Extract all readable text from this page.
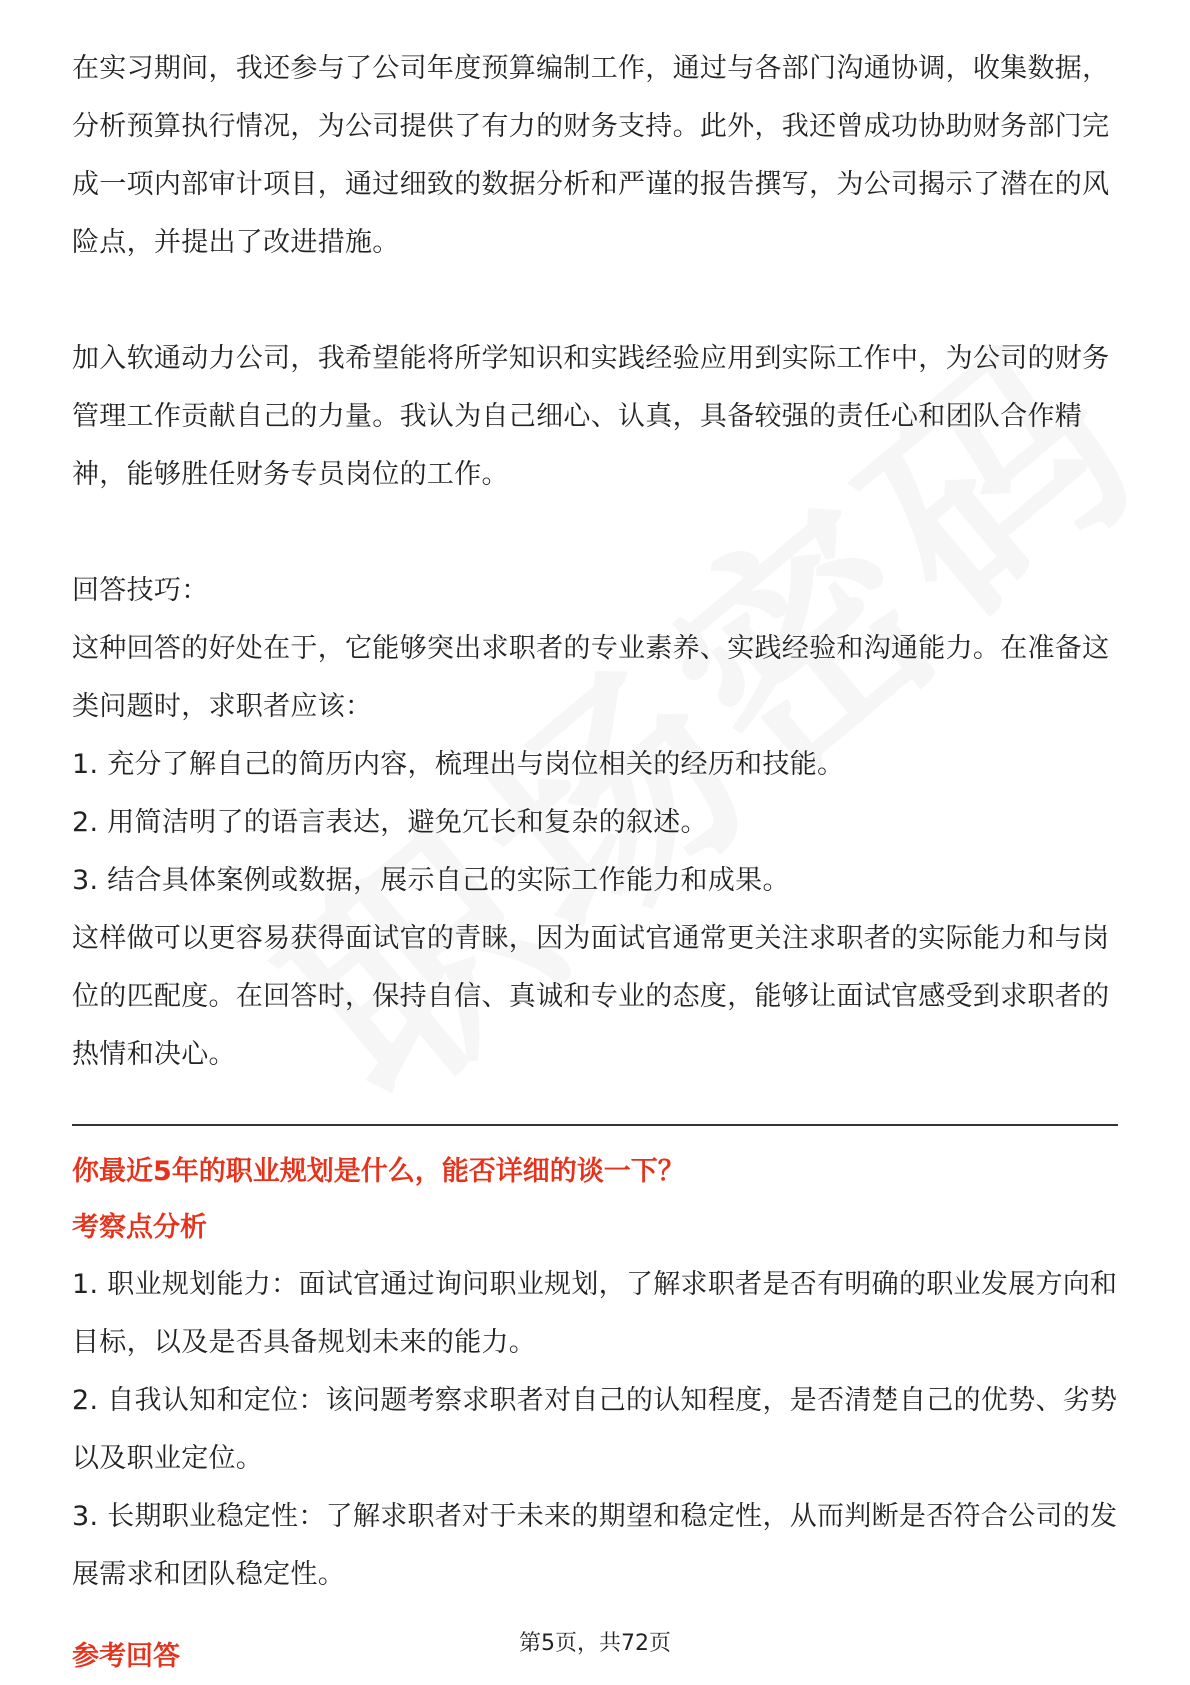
在实习期间，我还参与了公司年度预算编制工作，通过与各部门沟通协调，收集数据，分析预算执行情况，为公司提供了有力的财务支持。此外，我还曾成功协助财务部门完成一项内部审计项目，通过细致的数据分析和严谨的报告撰写，为公司揭示了潜在的风险点，并提出了改进措施。

加入软通动力公司，我希望能将所学知识和实践经验应用到实际工作中，为公司的财务管理工作贡献自己的力量。我认为自己细心、认真，具备较强的责任心和团队合作精神，能够胜任财务专员岗位的工作。

回答技巧：

这种回答的好处在于，它能够突出求职者的专业素养、实践经验和沟通能力。在准备这类问题时，求职者应该：

1. 充分了解自己的简历内容，梳理出与岗位相关的经历和技能。

2. 用简洁明了的语言表达，避免冗长和复杂的叙述。

3. 结合具体案例或数据，展示自己的实际工作能力和成果。

这样做可以更容易获得面试官的青睐，因为面试官通常更关注求职者的实际能力和与岗位的匹配度。在回答时，保持自信、真诚和专业的态度，能够让面试官感受到求职者的热情和决心。

你最近5年的职业规划是什么，能否详细的谈一下？

考察点分析

1. 职业规划能力：面试官通过询问职业规划，了解求职者是否有明确的职业发展方向和目标，以及是否具备规划未来的能力。

2. 自我认知和定位：该问题考察求职者对自己的认知程度，是否清楚自己的优势、劣势以及职业定位。

3. 长期职业稳定性：了解求职者对于未来的期望和稳定性，从而判断是否符合公司的发展需求和团队稳定性。

参考回答	第5页，共72页
